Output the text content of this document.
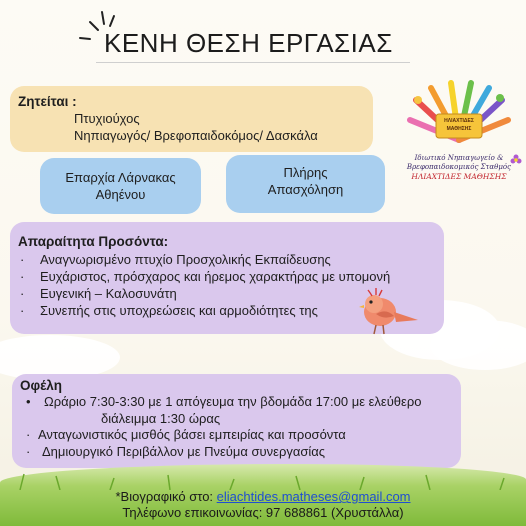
ΚΕΝΗ ΘΕΣΗ ΕΡΓΑΣΙΑΣ
Ζητείται :
Πτυχιούχος
Νηπιαγωγός/ Βρεφοπαιδοκόμος/ Δασκάλα
Επαρχία Λάρνακας
Αθηένου
Πλήρης
Απασχόληση
ΗΛΙΑΧΤΙΔΕΣ
ΜΑΘΗΣΗΣ
Ιδιωτικό Νηπιαγωγείο &
Βρεφοπαιδοκομικός Σταθμός
ΗΛΙΑΧΤΙΔΕΣ ΜΑΘΗΣΗΣ
Απαραίτητα Προσόντα:
· Αναγνωρισμένο πτυχίο Προσχολικής Εκπαίδευσης
· Ευχάριστος, πρόσχαρος και ήρεμος χαρακτήρας με υπομονή
· Ευγενική – Καλοσυνάτη
· Συνεπής στις υποχρεώσεις και αρμοδιότητες της
Οφέλη
• Ωράριο 7:30-3:30 με 1 απόγευμα την βδομάδα 17:00 με ελεύθερο
διάλειμμα 1:30 ώρας
· Ανταγωνιστικός μισθός βάσει εμπειρίας και προσόντα
· Δημιουργικό Περιβάλλον με Πνεύμα συνεργασίας
*Βιογραφικό στο: eliachtides.matheses@gmail.com
Τηλέφωνο επικοινωνίας: 97 688861 (Χρυστάλλα)
